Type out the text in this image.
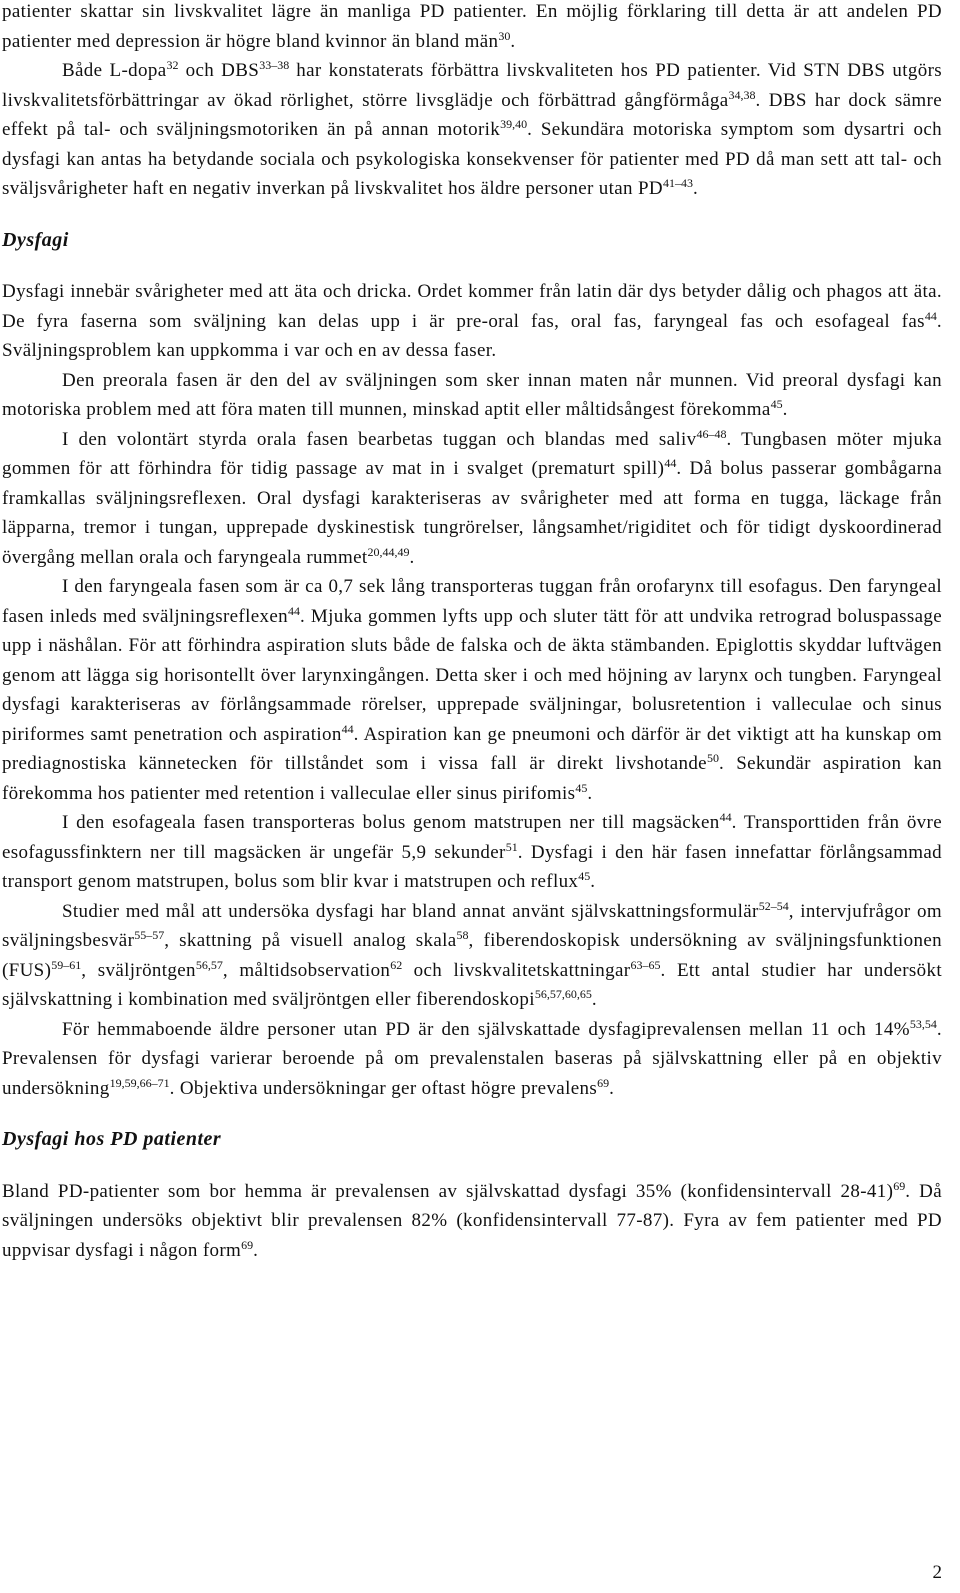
patienter skattar sin livskvalitet lägre än manliga PD patienter. En möjlig förklaring till detta är att andelen PD patienter med depression är högre bland kvinnor än bland män$^{30}$.

Både L-dopa$^{32}$ och DBS$^{33-38}$ har konstaterats förbättra livskvaliteten hos PD patienter. Vid STN DBS utgörs livskvalitetsförbättringar av ökad rörlighet, större livsglädje och förbättrad gångförmåga$^{34,38}$. DBS har dock sämre effekt på tal- och sväljningsmotoriken än på annan motorik$^{39,40}$. Sekundära motoriska symptom som dysartri och dysfagi kan antas ha betydande sociala och psykologiska konsekvenser för patienter med PD då man sett att tal- och sväljsvårigheter haft en negativ inverkan på livskvalitet hos äldre personer utan PD$^{41-43}$.

Dysfagi

Dysfagi innebär svårigheter med att äta och dricka. Ordet kommer från latin där dys betyder dålig och phagos att äta. De fyra faserna som sväljning kan delas upp i är pre-oral fas, oral fas, faryngeal fas och esofageal fas$^{44}$. Sväljningsproblem kan uppkomma i var och en av dessa faser.

Den preorala fasen är den del av sväljningen som sker innan maten når munnen. Vid preoral dysfagi kan motoriska problem med att föra maten till munnen, minskad aptit eller måltidsångest förekomma$^{45}$.

I den volontärt styrda orala fasen bearbetas tuggan och blandas med saliv$^{46-48}$. Tungbasen möter mjuka gommen för att förhindra för tidig passage av mat in i svalget (prematurt spill)$^{44}$. Då bolus passerar gombågarna framkallas sväljningsreflexen. Oral dysfagi karakteriseras av svårigheter med att forma en tugga, läckage från läpparna, tremor i tungan, upprepade dyskinestisk tungrörelser, långsamhet/rigiditet och för tidigt dyskoordinerad övergång mellan orala och faryngeala rummet$^{20,44,49}$.

I den faryngeala fasen som är ca 0,7 sek lång transporteras tuggan från orofarynx till esofagus. Den faryngeal fasen inleds med sväljningsreflexen$^{44}$. Mjuka gommen lyfts upp och sluter tätt för att undvika retrograd boluspassage upp i näshålan. För att förhindra aspiration sluts både de falska och de äkta stämbanden. Epiglottis skyddar luftvägen genom att lägga sig horisontellt över larynxingången. Detta sker i och med höjning av larynx och tungben. Faryngeal dysfagi karakteriseras av förlångsammade rörelser, upprepade sväljningar, bolusretention i valleculae och sinus piriformes samt penetration och aspiration$^{44}$. Aspiration kan ge pneumoni och därför är det viktigt att ha kunskap om prediagnostiska kännetecken för tillståndet som i vissa fall är direkt livshotande$^{50}$. Sekundär aspiration kan förekomma hos patienter med retention i valleculae eller sinus pirifomis$^{45}$.

I den esofageala fasen transporteras bolus genom matstrupen ner till magsäcken$^{44}$. Transporttiden från övre esofagussfinktern ner till magsäcken är ungefär 5,9 sekunder$^{51}$. Dysfagi i den här fasen innefattar förlångsammad transport genom matstrupen, bolus som blir kvar i matstrupen och reflux$^{45}$.

Studier med mål att undersöka dysfagi har bland annat använt självskattningsformulär$^{52-54}$, intervjufrågor om sväljningsbesvär$^{55-57}$, skattning på visuell analog skala$^{58}$, fiberendoskopisk undersökning av sväljningsfunktionen (FUS)$^{59-61}$, sväljröntgen$^{56,57}$, måltidsobservation$^{62}$ och livskvalitetskattningar$^{63-65}$. Ett antal studier har undersökt självskattning i kombination med sväljröntgen eller fiberendoskopi$^{56,57,60,65}$.

För hemmaboende äldre personer utan PD är den självskattade dysfagiprevalensen mellan 11 och 14%$^{53,54}$. Prevalensen för dysfagi varierar beroende på om prevalenstalen baseras på självskattning eller på en objektiv undersökning$^{19,59,66-71}$. Objektiva undersökningar ger oftast högre prevalens$^{69}$.

Dysfagi hos PD patienter

Bland PD-patienter som bor hemma är prevalensen av självskattad dysfagi 35% (konfidensintervall 28-41)$^{69}$. Då sväljningen undersöks objektivt blir prevalensen 82% (konfidensintervall 77-87). Fyra av fem patienter med PD uppvisar dysfagi i någon form$^{69}$.

2
